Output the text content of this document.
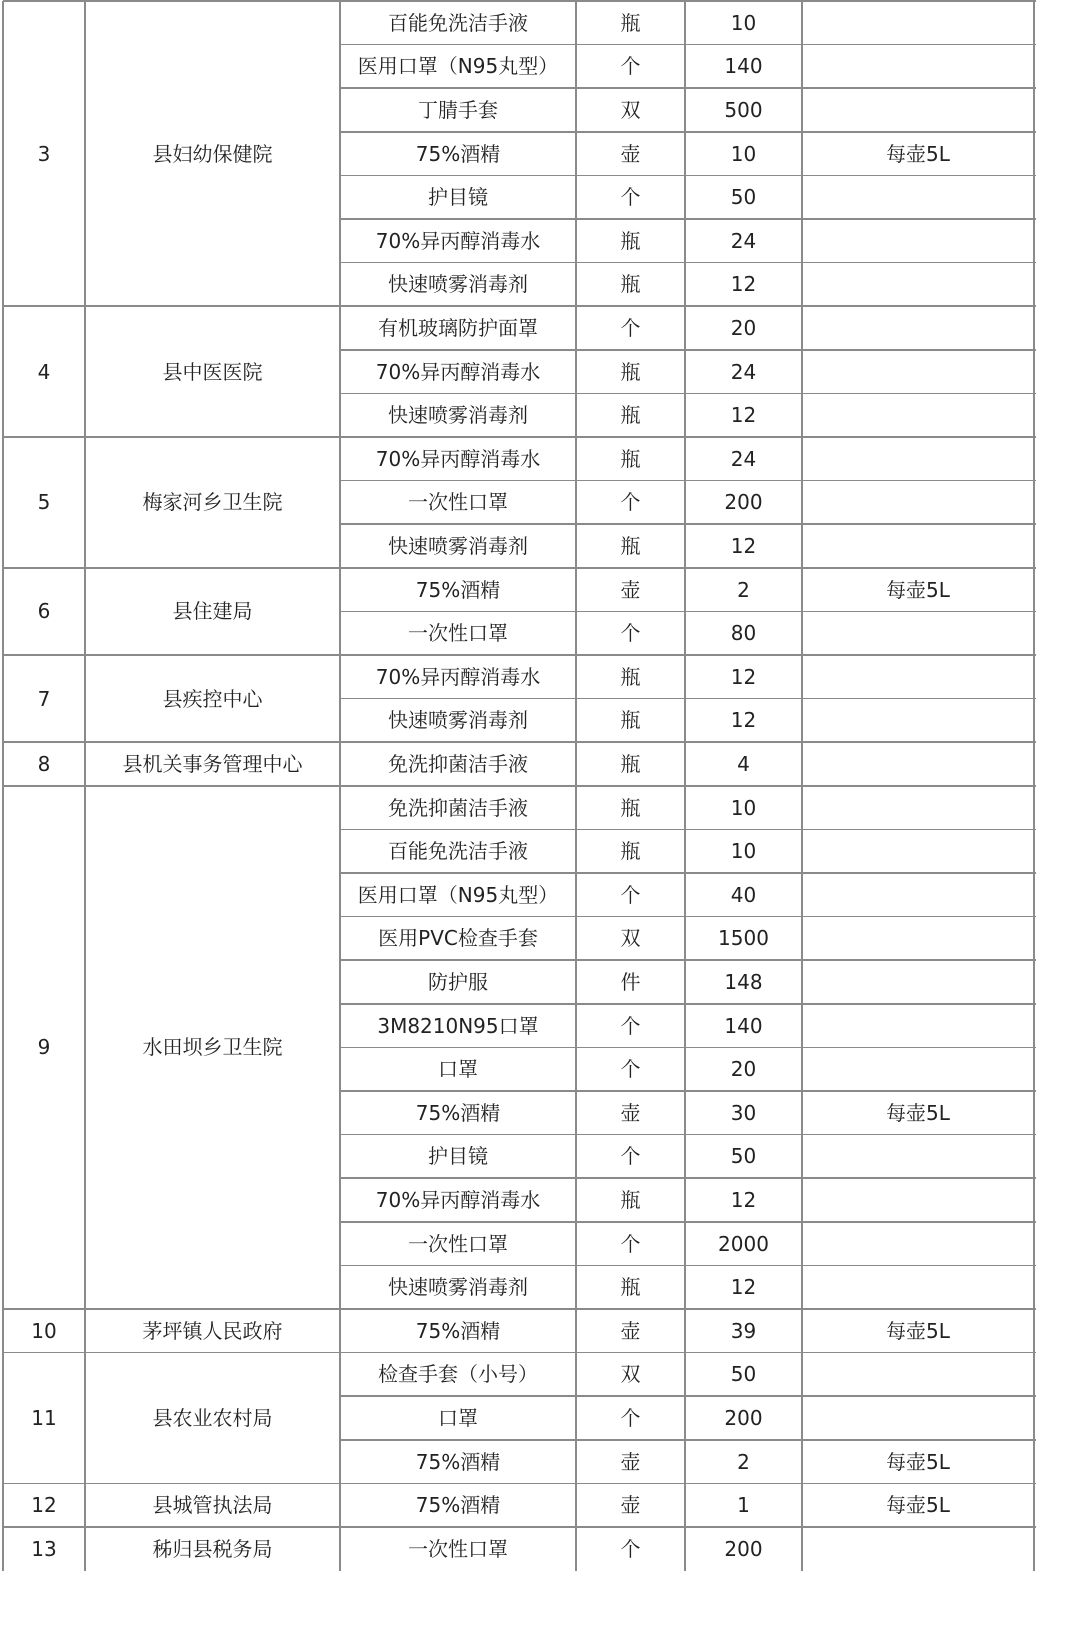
3	县妇幼保健院
百能免洗洁手液	瓶	10
医用口罩（N95丸型）	个	140
丁腈手套	双	500
75%酒精	壶	10	每壶5L
护目镜	个	50
70%异丙醇消毒水	瓶	24
快速喷雾消毒剂	瓶	12
4	县中医医院
有机玻璃防护面罩	个	20
70%异丙醇消毒水	瓶	24
快速喷雾消毒剂	瓶	12
5	梅家河乡卫生院
70%异丙醇消毒水	瓶	24
一次性口罩	个	200
快速喷雾消毒剂	瓶	12
6	县住建局
75%酒精	壶	2	每壶5L
一次性口罩	个	80
7	县疾控中心
70%异丙醇消毒水	瓶	12
快速喷雾消毒剂	瓶	12
8	县机关事务管理中心	免洗抑菌洁手液	瓶	4
9	水田坝乡卫生院
免洗抑菌洁手液	瓶	10
百能免洗洁手液	瓶	10
医用口罩（N95丸型）	个	40
医用PVC检查手套	双	1500
防护服	件	148
3M8210N95口罩	个	140
口罩	个	20
75%酒精	壶	30	每壶5L
护目镜	个	50
70%异丙醇消毒水	瓶	12
一次性口罩	个	2000
快速喷雾消毒剂	瓶	12
10	茅坪镇人民政府	75%酒精	壶	39	每壶5L
11	县农业农村局
检查手套（小号）	双	50
口罩	个	200
75%酒精	壶	2	每壶5L
12	县城管执法局	75%酒精	壶	1	每壶5L
13	秭归县税务局	一次性口罩	个	200
